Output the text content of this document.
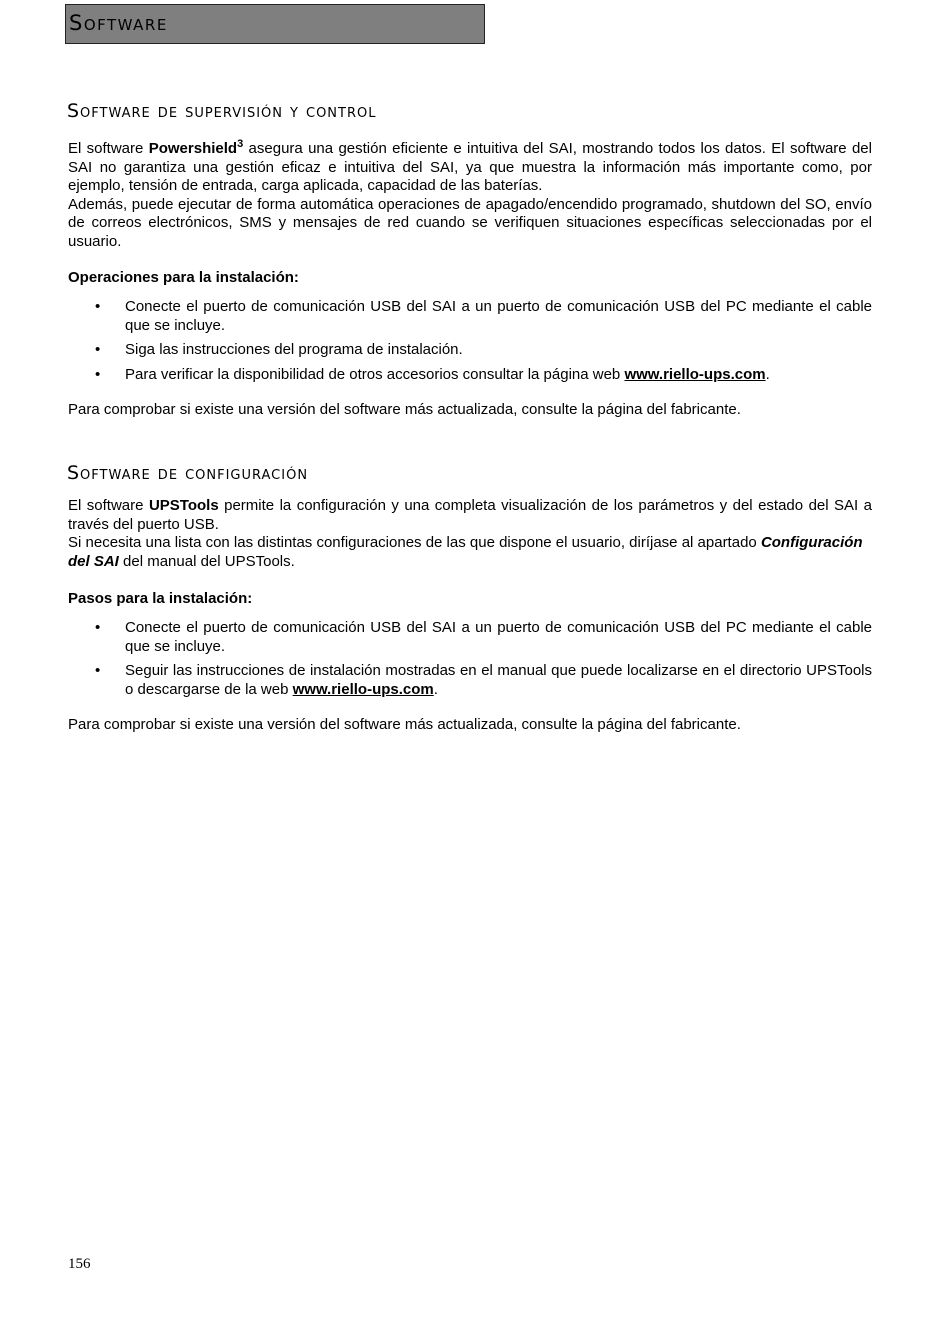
Software
Software de supervisión y control

El software Powershield$^3$ asegura una gestión eficiente e intuitiva del SAI, mostrando todos los datos. El software del SAI no garantiza una gestión eficaz e intuitiva del SAI, ya que muestra la información más importante como, por ejemplo, tensión de entrada, carga aplicada, capacidad de las baterías.

Además, puede ejecutar de forma automática operaciones de apagado/encendido programado, shutdown del SO, envío de correos electrónicos, SMS y mensajes de red cuando se verifiquen situaciones específicas seleccionadas por el usuario.

Operaciones para la instalación:
• Conecte el puerto de comunicación USB del SAI a un puerto de comunicación USB del PC mediante el cable que se incluye.
• Siga las instrucciones del programa de instalación.
• Para verificar la disponibilidad de otros accesorios consultar la página web www.riello-ups.com.
Para comprobar si existe una versión del software más actualizada, consulte la página del fabricante.
Software de configuración

El software UPSTools permite la configuración y una completa visualización de los parámetros y del estado del SAI a través del puerto USB.

Si necesita una lista con las distintas configuraciones de las que dispone el usuario, diríjase al apartado Configuración del SAI del manual del UPSTools.

Pasos para la instalación:
• Conecte el puerto de comunicación USB del SAI a un puerto de comunicación USB del PC mediante el cable que se incluye.
• Seguir las instrucciones de instalación mostradas en el manual que puede localizarse en el directorio UPSTools o descargarse de la web www.riello-ups.com.
Para comprobar si existe una versión del software más actualizada, consulte la página del fabricante.
156
